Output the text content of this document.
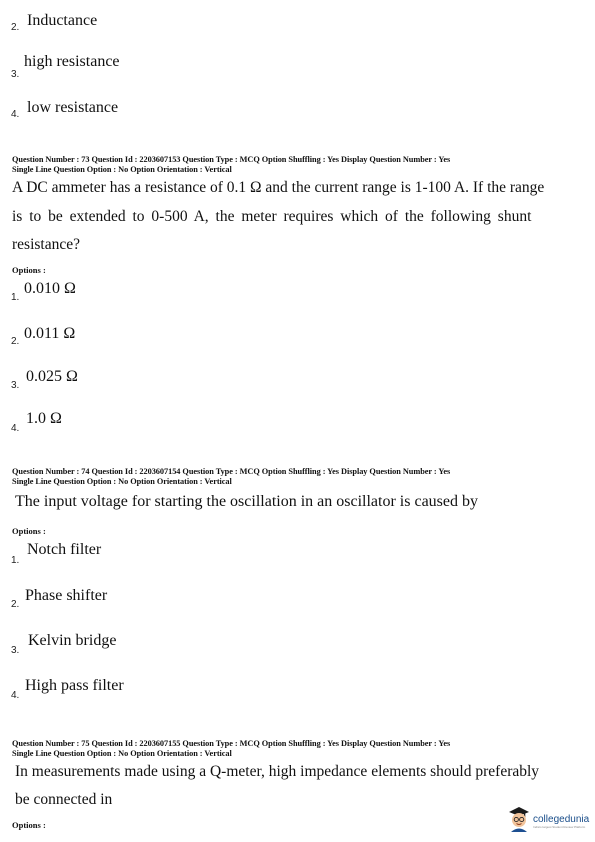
2. Inductance
3.
high resistance
4. low resistance
Question Number : 73 Question Id : 2203607153 Question Type : MCQ Option Shuffling : Yes Display Question Number : Yes
Single Line Question Option : No Option Orientation : Vertical
A DC ammeter has a resistance of 0.1 Ω and the current range is 1-100 A. If the range
is to be extended to 0-500 A, the meter requires which of the following shunt
resistance?
Options :
1.
0.010 Ω
2. 0.011 Ω
3.
0.025 Ω
4.
1.0 Ω
Question Number : 74 Question Id : 2203607154 Question Type : MCQ Option Shuffling : Yes Display Question Number : Yes
Single Line Question Option : No Option Orientation : Vertical
The input voltage for starting the oscillation in an oscillator is caused by
Options :
1.
Notch filter
2.
Phase shifter
3.
Kelvin bridge
4.
High pass filter
Question Number : 75 Question Id : 2203607155 Question Type : MCQ Option Shuffling : Yes Display Question Number : Yes
Single Line Question Option : No Option Orientation : Vertical
In measurements made using a Q-meter, high impedance elements should preferably
be connected in
Options :
collegedunia
India's largest Student Review Platform
